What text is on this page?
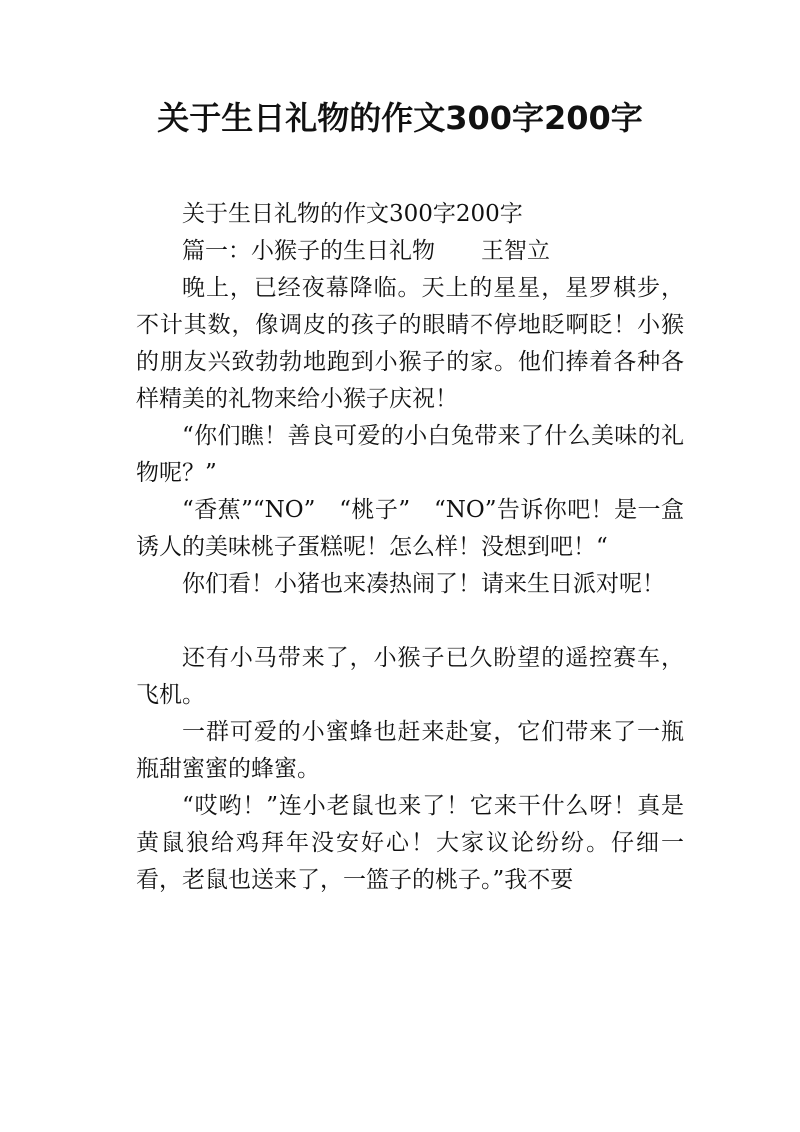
关于生日礼物的作文300字200字

关于生日礼物的作文300字200字

篇一：小猴子的生日礼物　　王智立

晚上，已经夜幕降临。天上的星星，星罗棋步，不计其数，像调皮的孩子的眼睛不停地眨啊眨！小猴的朋友兴致勃勃地跑到小猴子的家。他们捧着各种各样精美的礼物来给小猴子庆祝！

“你们瞧！善良可爱的小白兔带来了什么美味的礼物呢？”

“香蕉”“NO”　“桃子”　“NO”告诉你吧！是一盒诱人的美味桃子蛋糕呢！怎么样！没想到吧！“

你们看！小猪也来凑热闹了！请来生日派对呢！

还有小马带来了，小猴子已久盼望的遥控赛车，飞机。

一群可爱的小蜜蜂也赶来赴宴，它们带来了一瓶瓶甜蜜蜜的蜂蜜。

“哎哟！”连小老鼠也来了！它来干什么呀！真是黄鼠狼给鸡拜年没安好心！大家议论纷纷。仔细一看，老鼠也送来了，一篮子的桃子。”我不要
